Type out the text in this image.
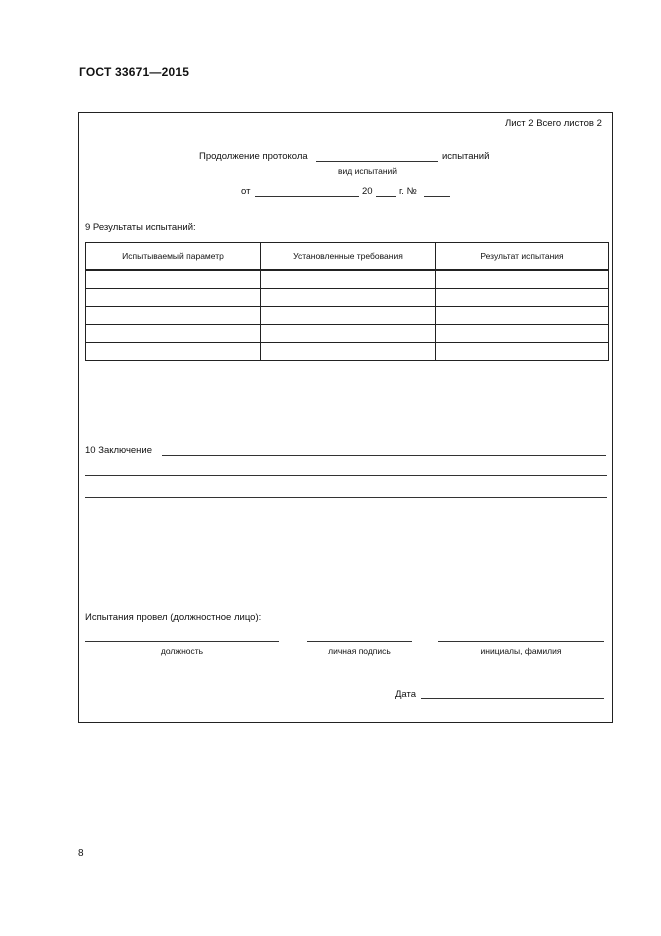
ГОСТ 33671—2015
Лист 2 Всего листов 2
Продолжение протокола	испытаний
вид испытаний
от	20	г. №
9 Результаты испытаний:
Испытываемый параметр	Установленные требования	Результат испытания

10 Заключение
Испытания провел (должностное лицо):
должность	личная подпись	инициалы, фамилия
Дата
8
